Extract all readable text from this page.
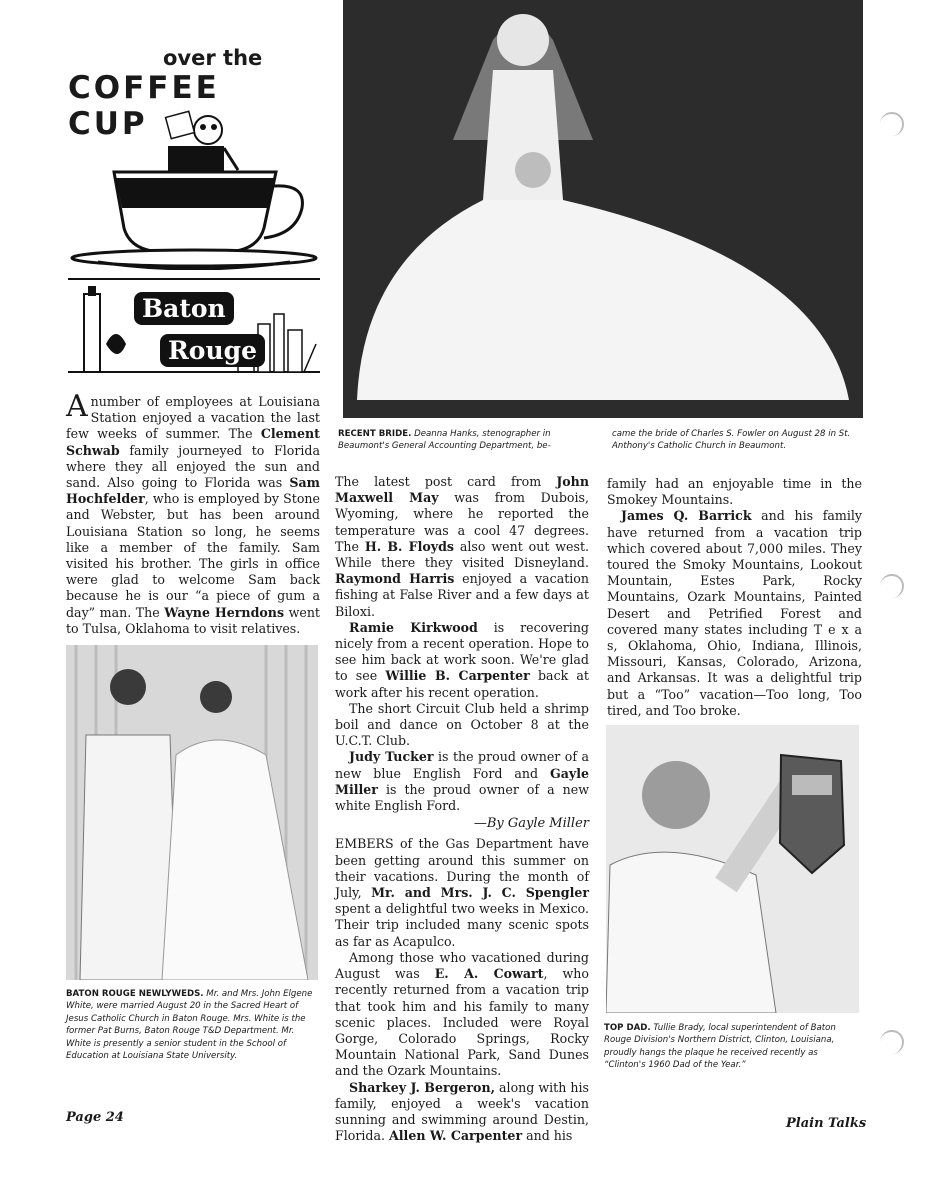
over the
COFFEE
CUP
Baton
Rouge
A number of employees at Louisiana Station enjoyed a vacation the last few weeks of summer. The Clement Schwab family journeyed to Florida where they all enjoyed the sun and sand. Also going to Florida was Sam Hochfelder, who is employed by Stone and Webster, but has been around Louisiana Station so long, he seems like a member of the family. Sam visited his brother. The girls in office were glad to welcome Sam back because he is our “a piece of gum a day” man. The Wayne Herndons went to Tulsa, Oklahoma to visit relatives.
BATON ROUGE NEWLYWEDS. Mr. and Mrs. John Elgene White, were married August 20 in the Sacred Heart of Jesus Catholic Church in Baton Rouge. Mrs. White is the former Pat Burns, Baton Rouge T&D Department. Mr. White is presently a senior student in the School of Education at Louisiana State University.
RECENT BRIDE. Deanna Hanks, stenographer in Beaumont's General Accounting Department, be-
came the bride of Charles S. Fowler on August 28 in St. Anthony's Catholic Church in Beaumont.

The latest post card from John Maxwell May was from Dubois, Wyoming, where he reported the temperature was a cool 47 degrees. The H. B. Floyds also went out west. While there they visited Disneyland. Raymond Harris enjoyed a vacation fishing at False River and a few days at Biloxi.

Ramie Kirkwood is recovering nicely from a recent operation. Hope to see him back at work soon. We're glad to see Willie B. Carpenter back at work after his recent operation.

The short Circuit Club held a shrimp boil and dance on October 8 at the U.C.T. Club.

Judy Tucker is the proud owner of a new blue English Ford and Gayle Miller is the proud owner of a new white English Ford.

—By Gayle Miller

EMBERS of the Gas Department have been getting around this summer on their vacations. During the month of July, Mr. and Mrs. J. C. Spengler spent a delightful two weeks in Mexico. Their trip included many scenic spots as far as Acapulco.

Among those who vacationed during August was E. A. Cowart, who recently returned from a vacation trip that took him and his family to many scenic places. Included were Royal Gorge, Colorado Springs, Rocky Mountain National Park, Sand Dunes and the Ozark Mountains.

Sharkey J. Bergeron, along with his family, enjoyed a week's vacation sunning and swimming around Destin, Florida. Allen W. Carpenter and his

family had an enjoyable time in the Smokey Mountains.

James Q. Barrick and his family have returned from a vacation trip which covered about 7,000 miles. They toured the Smoky Mountains, Lookout Mountain, Estes Park, Rocky Mountains, Ozark Mountains, Painted Desert and Petrified Forest and covered many states including T e x a s, Oklahoma, Ohio, Indiana, Illinois, Missouri, Kansas, Colorado, Arizona, and Arkansas. It was a delightful trip but a “Too” vacation—Too long, Too tired, and Too broke.

TOP DAD. Tullie Brady, local superintendent of Baton Rouge Division's Northern District, Clinton, Louisiana, proudly hangs the plaque he received recently as “Clinton's 1960 Dad of the Year.”
Page 24	Plain Talks
